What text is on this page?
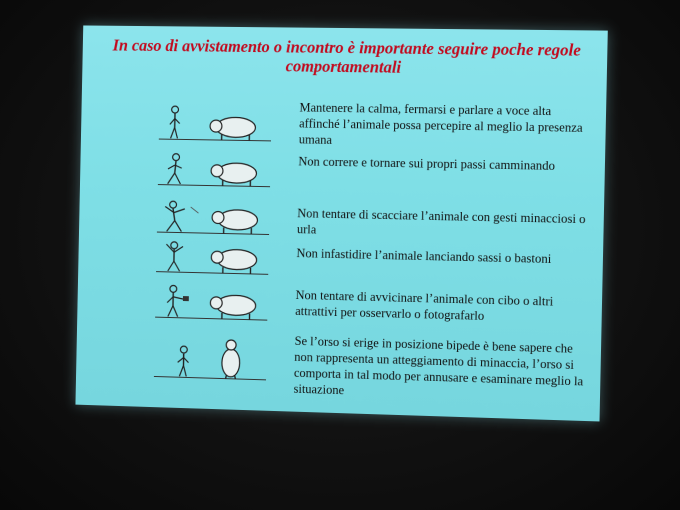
In caso di avvistamento o incontro è importante seguire poche regole comportamentali
Mantenere la calma, fermarsi e parlare a voce alta affinché l’animale possa percepire al meglio la presenza umana
Non correre e tornare sui propri passi camminando
Non tentare di scacciare l’animale con gesti minacciosi o urla
Non infastidire l’animale lanciando sassi o bastoni
Non tentare di avvicinare l’animale con cibo o altri attrattivi per osservarlo o fotografarlo
Se l’orso si erige in posizione bipede è bene sapere che non rappresenta un atteggiamento di minaccia, l’orso si comporta in tal modo per annusare e esaminare meglio la situazione
